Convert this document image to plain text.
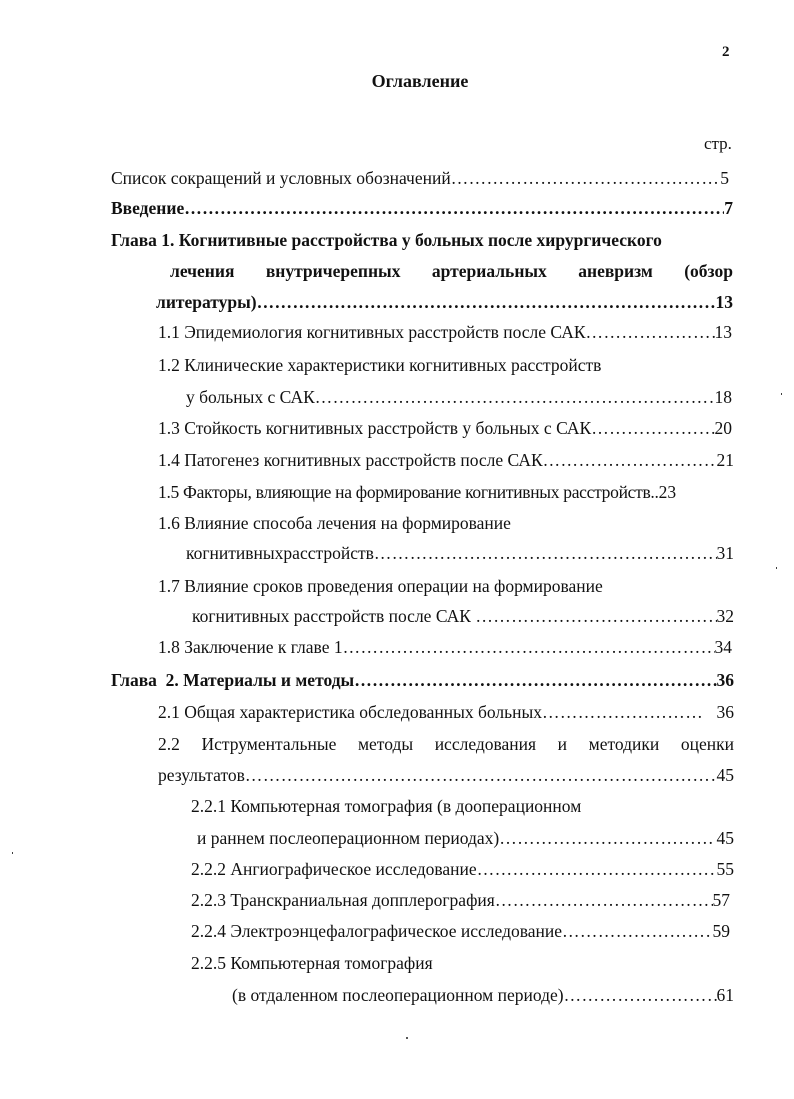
2
Оглавление
стр.
Список сокращений и условных обозначений ……………………………………………………………………………………………………………………………………………………………………	5
Введение ……………………………………………………………………………………………………………………………………………………………………	7
Глава 1. Когнитивные расстройства у больных после хирургического
лечения внутричерепных артериальных аневризм (обзор
литературы) ……………………………………………………………………………………………………………………………………………………………………	13
1.1 Эпидемиология когнитивных расстройств после САК ……………………………………………………………………………………………………………………………………………………………………	13
1.2 Клинические характеристики когнитивных расстройств
у больных с САК ……………………………………………………………………………………………………………………………………………………………………	18
1.3 Стойкость когнитивных расстройств у больных с САК ……………………………………………………………………………………………………………………………………………………………………	20
1.4 Патогенез когнитивных расстройств после САК ……………………………………………………………………………………………………………………………………………………………………	21
1.5 Факторы, влияющие на формирование когнитивных расстройств.. 23
1.6 Влияние способа лечения на формирование
когнитивныхрасстройств ……………………………………………………………………………………………………………………………………………………………………	31
1.7 Влияние сроков проведения операции на формирование
когнитивных расстройств после САК ……………………………………………………………………………………………………………………………………………………………………	32
1.8 Заключение к главе 1 ……………………………………………………………………………………………………………………………………………………………………	34
Глава  2. Материалы и методы ……………………………………………………………………………………………………………………………………………………………………	36
2.1 Общая характеристика обследованных больных ……………………………………………………………………………………………………………………………………………………………………	36
2.2 Иструментальные методы исследования и методики оценки
результатов ……………………………………………………………………………………………………………………………………………………………………	45
2.2.1 Компьютерная томография (в дооперационном
и раннем послеоперационном периодах) ……………………………………………………………………………………………………………………………………………………………………	45
2.2.2 Ангиографическое исследование ……………………………………………………………………………………………………………………………………………………………………	55
2.2.3 Транскраниальная допплерография ……………………………………………………………………………………………………………………………………………………………………	57
2.2.4 Электроэнцефалографическое исследование ……………………………………………………………………………………………………………………………………………………………………	59
2.2.5 Компьютерная томография
(в отдаленном послеоперационном периоде) ……………………………………………………………………………………………………………………………………………………………………	61
